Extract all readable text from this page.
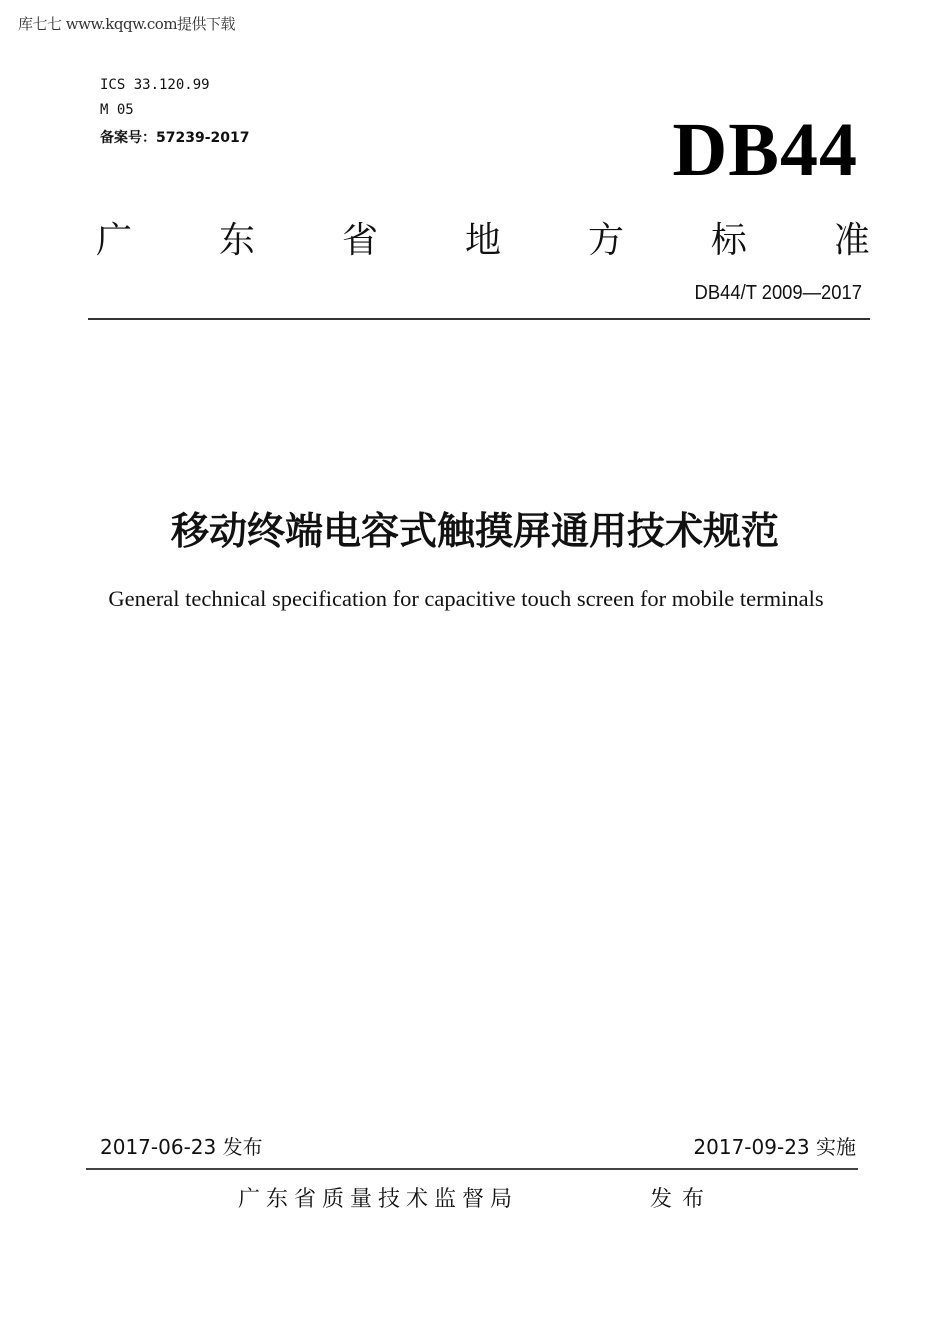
库七七 www.kqqw.com提供下载
ICS 33.120.99
M 05
备案号：57239-2017	DB44
广 东 省 地 方 标 准
DB44/T 2009—2017
移动终端电容式触摸屏通用技术规范
General technical specification for capacitive touch screen for mobile terminals
2017-06-23 发布	2017-09-23 实施
广东省质量技术监督局	发布
